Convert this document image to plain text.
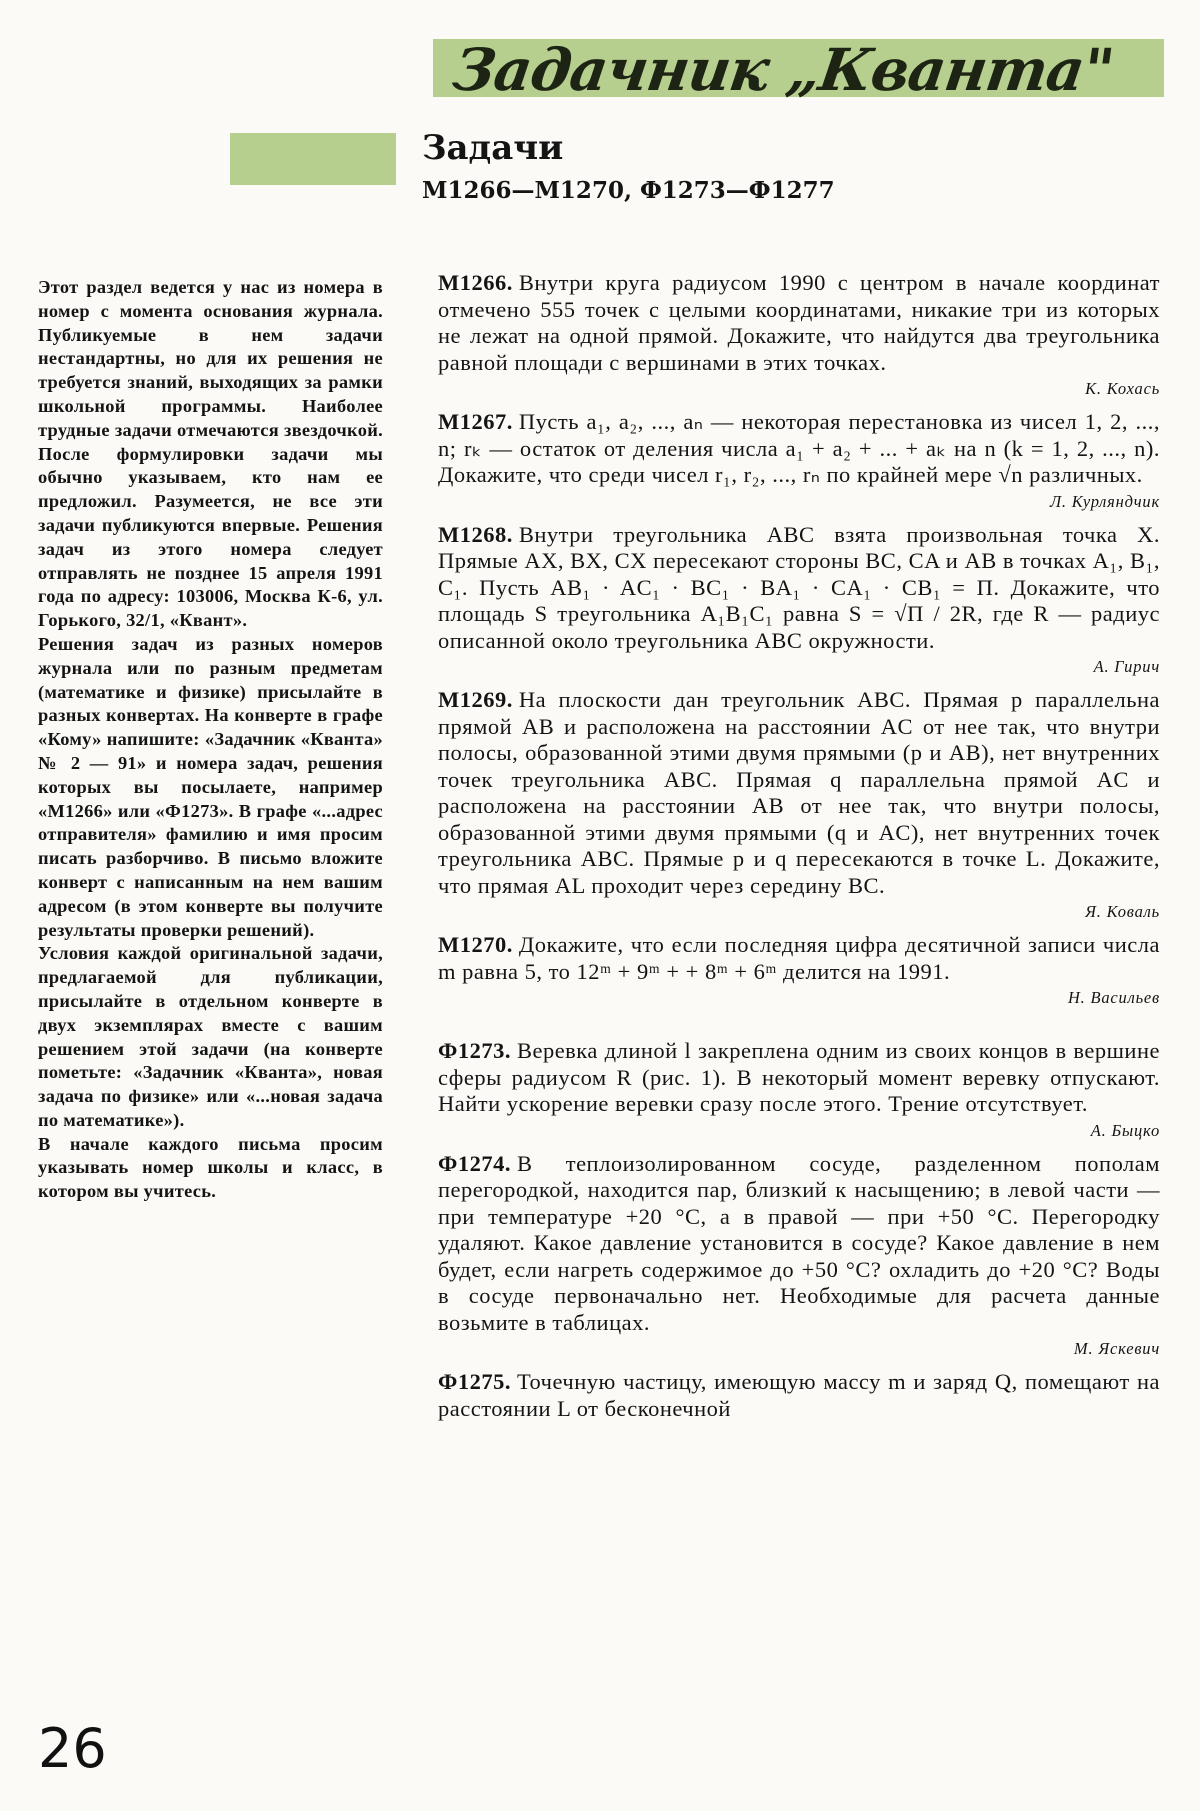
Задачник „Кванта"
Задачи
М1266—М1270, Ф1273—Ф1277

Этот раздел ведется у нас из номера в номер с момента основания журнала. Публикуемые в нем задачи нестандартны, но для их решения не требуется знаний, выходящих за рамки школьной программы. Наиболее трудные задачи отмечаются звездочкой. После формулировки задачи мы обычно указываем, кто нам ее предложил. Разумеется, не все эти задачи публикуются впервые. Решения задач из этого номера следует отправлять не позднее 15 апреля 1991 года по адресу: 103006, Москва К-6, ул. Горького, 32/1, «Квант».

Решения задач из разных номеров журнала или по разным предметам (математике и физике) присылайте в разных конвертах. На конверте в графе «Кому» напишите: «Задачник «Кванта» № 2 — 91» и номера задач, решения которых вы посылаете, например «М1266» или «Ф1273». В графе «...адрес отправителя» фамилию и имя просим писать разборчиво. В письмо вложите конверт с написанным на нем вашим адресом (в этом конверте вы получите результаты проверки решений).

Условия каждой оригинальной задачи, предлагаемой для публикации, присылайте в отдельном конверте в двух экземплярах вместе с вашим решением этой задачи (на конверте пометьте: «Задачник «Кванта», новая задача по физике» или «...новая задача по математике»).

В начале каждого письма просим указывать номер школы и класс, в котором вы учитесь.

М1266. Внутри круга радиусом 1990 с центром в начале координат отмечено 555 точек с целыми координатами, никакие три из которых не лежат на одной прямой. Докажите, что найдутся два треугольника равной площади с вершинами в этих точках.

К. Кохась

М1267. Пусть a₁, a₂, ..., aₙ — некоторая перестановка из чисел 1, 2, ..., n; rₖ — остаток от деления числа a₁ + a₂ + ... + aₖ на n (k = 1, 2, ..., n). Докажите, что среди чисел r₁, r₂, ..., rₙ по крайней мере √n различных.

Л. Курляндчик

М1268. Внутри треугольника ABC взята произвольная точка X. Прямые AX, BX, CX пересекают стороны BC, CA и AB в точках A₁, B₁, C₁. Пусть AB₁ · AC₁ · BC₁ · BA₁ · CA₁ · CB₁ = П. Докажите, что площадь S треугольника A₁B₁C₁ равна S = √П / 2R, где R — радиус описанной около треугольника ABC окружности.

А. Гирич

М1269. На плоскости дан треугольник ABC. Прямая p параллельна прямой AB и расположена на расстоянии AC от нее так, что внутри полосы, образованной этими двумя прямыми (p и AB), нет внутренних точек треугольника ABC. Прямая q параллельна прямой AC и расположена на расстоянии AB от нее так, что внутри полосы, образованной этими двумя прямыми (q и AC), нет внутренних точек треугольника ABC. Прямые p и q пересекаются в точке L. Докажите, что прямая AL проходит через середину BC.

Я. Коваль

М1270. Докажите, что если последняя цифра десятичной записи числа m равна 5, то 12ᵐ + 9ᵐ + + 8ᵐ + 6ᵐ делится на 1991.

Н. Васильев

Ф1273. Веревка длиной l закреплена одним из своих концов в вершине сферы радиусом R (рис. 1). В некоторый момент веревку отпускают. Найти ускорение веревки сразу после этого. Трение отсутствует.

А. Быцко

Ф1274. В теплоизолированном сосуде, разделенном пополам перегородкой, находится пар, близкий к насыщению; в левой части — при температуре +20 °С, а в правой — при +50 °С. Перегородку удаляют. Какое давление установится в сосуде? Какое давление в нем будет, если нагреть содержимое до +50 °С? охладить до +20 °С? Воды в сосуде первоначально нет. Необходимые для расчета данные возьмите в таблицах.

М. Яскевич

Ф1275. Точечную частицу, имеющую массу m и заряд Q, помещают на расстоянии L от бесконечной

26
